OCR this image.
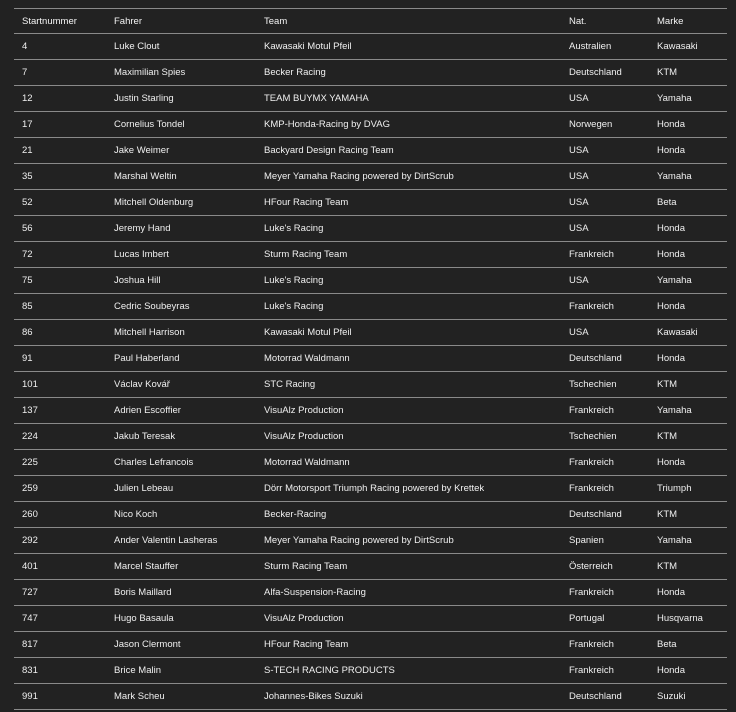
Startnummer	Fahrer	Team	Nat.	Marke
4	Luke Clout	Kawasaki Motul Pfeil	Australien	Kawasaki
7	Maximilian Spies	Becker Racing	Deutschland	KTM
12	Justin Starling	TEAM BUYMX YAMAHA	USA	Yamaha
17	Cornelius Tondel	KMP-Honda-Racing by DVAG	Norwegen	Honda
21	Jake Weimer	Backyard Design Racing Team	USA	Honda
35	Marshal Weltin	Meyer Yamaha Racing powered by DirtScrub	USA	Yamaha
52	Mitchell Oldenburg	HFour Racing Team	USA	Beta
56	Jeremy Hand	Luke's Racing	USA	Honda
72	Lucas Imbert	Sturm Racing Team	Frankreich	Honda
75	Joshua Hill	Luke's Racing	USA	Yamaha
85	Cedric Soubeyras	Luke's Racing	Frankreich	Honda
86	Mitchell Harrison	Kawasaki Motul Pfeil	USA	Kawasaki
91	Paul Haberland	Motorrad Waldmann	Deutschland	Honda
101	Václav Kovář	STC Racing	Tschechien	KTM
137	Adrien Escoffier	VisuAlz Production	Frankreich	Yamaha
224	Jakub Teresak	VisuAlz Production	Tschechien	KTM
225	Charles Lefrancois	Motorrad Waldmann	Frankreich	Honda
259	Julien Lebeau	Dörr Motorsport Triumph Racing powered by Krettek	Frankreich	Triumph
260	Nico Koch	Becker-Racing	Deutschland	KTM
292	Ander Valentin Lasheras	Meyer Yamaha Racing powered by DirtScrub	Spanien	Yamaha
401	Marcel Stauffer	Sturm Racing Team	Österreich	KTM
727	Boris Maillard	Alfa-Suspension-Racing	Frankreich	Honda
747	Hugo Basaula	VisuAlz Production	Portugal	Husqvarna
817	Jason Clermont	HFour Racing Team	Frankreich	Beta
831	Brice Malin	S-TECH RACING PRODUCTS	Frankreich	Honda
991	Mark Scheu	Johannes-Bikes Suzuki	Deutschland	Suzuki
